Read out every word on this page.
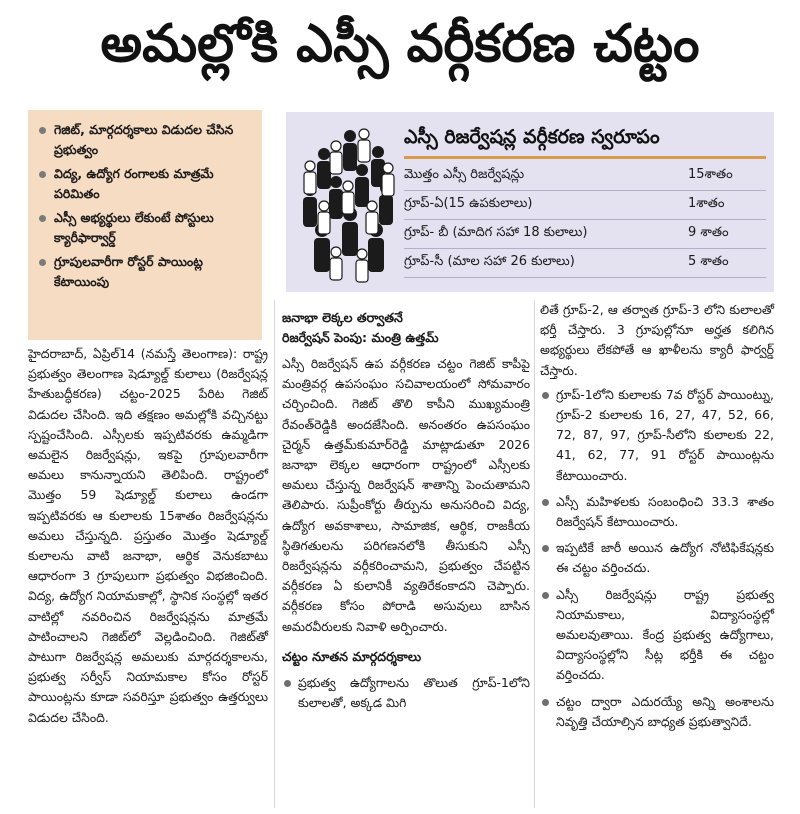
అమల్లోకి ఎస్సీ వర్గీకరణ చట్టం
గెజిట్, మార్గదర్శకాలు విడుదల చేసిన ప్రభుత్వం
విద్య, ఉద్యోగ రంగాలకు మాత్రమే పరిమితం
ఎస్సీ అభ్యర్థులు లేకుంటే పోస్టులు క్యారీఫార్వార్డ్
గ్రూపులవారీగా రోస్టర్ పాయింట్ల కేటాయింపు
ఎస్సీ రిజర్వేషన్ల వర్గీకరణ స్వరూపం
మొత్తం ఎస్సీ రిజర్వేషన్లు	15శాతం
గ్రూప్‌-ఏ(15 ఉపకులాలు)	1శాతం
గ్రూప్‌- బీ (మాదిగ సహా 18 కులాలు)	9 శాతం
గ్రూప్‌-సీ (మాల సహా 26 కులాలు)	5 శాతం

హైదరాబాద్, ఏప్రిల్14 (నమస్తే తెలంగాణ): రాష్ట్ర ప్రభుత్వం తెలంగాణ షెడ్యూల్డ్ కులాలు (రిజర్వేషన్ల హేతుబద్ధీకరణ) చట్టం-2025 పేరిట గెజిట్ విడుదల చేసింది. ఇది తక్షణం అమల్లోకి వచ్చినట్టు స్పష్టంచేసింది. ఎస్సీలకు ఇప్పటివరకు ఉమ్మడిగా అమలైన రిజర్వేషన్లు, ఇకపై గ్రూపులవారీగా అమలు కానున్నాయని తెలిపింది. రాష్ట్రంలో మొత్తం 59 షెడ్యూల్డ్ కులాలు ఉండగా ఇప్పటివరకు ఆ కులాలకు 15శాతం రిజర్వేషన్లను అమలు చేస్తున్నది. ప్రస్తుతం మొత్తం షెడ్యూల్డ్ కులాలను వాటి జనాభా, ఆర్థిక వెనుకబాటు ఆధారంగా 3 గ్రూపులుగా ప్రభుత్వం విభజించింది. విద్య, ఉద్యోగ నియామకాల్లో, స్థానిక సంస్థల్లో ఇతర వాటిల్లో నవరించిన రిజర్వేషన్లను మాత్రమే పాటించాలని గెజిట్‌లో వెల్లడించింది. గెజిట్‌తో పాటుగా రిజర్వేషన్ల అమలుకు మార్గదర్శకాలను, ప్రభుత్వ సర్వీస్ నియామకాల కోసం రోస్టర్ పాయింట్లను కూడా సవరిస్తూ ప్రభుత్వం ఉత్తర్వులు విడుదల చేసింది.

జనాభా లెక్కల తర్వాతనే
రిజర్వేషన్ పెంపు: మంత్రి ఉత్తమ్

ఎస్సీ రిజర్వేషన్ ఉప వర్గీకరణ చట్టం గెజిట్ కాపీపై మంత్రివర్గ ఉపసంఘం సచివాలయంలో సోమవారం చర్చించింది. గెజిట్ తొలి కాపీని ముఖ్యమంత్రి రేవంత్‌రెడ్డికి అందజేసింది. అనంతరం ఉపసంఘం చైర్మన్ ఉత్తమ్‌కుమార్‌రెడ్డి మాట్లాడుతూ 2026 జనాభా లెక్కల ఆధారంగా రాష్ట్రంలో ఎస్సీలకు అమలు చేస్తున్న రిజర్వేషన్ శాతాన్ని పెంచుతామని తెలిపారు. సుప్రీంకోర్టు తీర్పును అనుసరించి విద్య, ఉద్యోగ అవకాశాలు, సామాజిక, ఆర్థిక, రాజకీయ స్థితిగతులను పరిగణనలోకి తీసుకుని ఎస్సీ రిజర్వేషన్లను వర్గీకరించామని, ప్రభుత్వం చేపట్టిన వర్గీకరణ ఏ కులానికీ వ్యతిరేకంకాదని చెప్పారు. వర్గీకరణ కోసం పోరాడి అసువులు బాసిన అమరవీరులకు నివాళి అర్పించారు.

చట్టం నూతన మార్గదర్శకాలు
ప్రభుత్వ ఉద్యోగాలను తొలుత గ్రూప్‌-1లోని కులాలతో, అక్కడ మిగి

లితే గ్రూప్‌-2, ఆ తర్వాత గ్రూప్‌-3 లోని కులాలతో భర్తీ చేస్తారు. 3 గ్రూపుల్లోనూ అర్హత కలిగిన అభ్యర్థులు లేకపోతే ఆ ఖాళీలను క్యారీ ఫార్వర్డ్ చేస్తారు.

గ్రూప్‌-1లోని కులాలకు 7వ రోస్టర్ పాయింట్ను, గ్రూప్‌-2 కులాలకు 16, 27, 47, 52, 66, 72, 87, 97, గ్రూప్‌-సీలోని కులాలకు 22, 41, 62, 77, 91 రోస్టర్ పాయింట్లను కేటాయించారు.
ఎస్సీ మహిళలకు సంబంధించి 33.3 శాతం రిజర్వేషన్ కేటాయించారు.
ఇప్పటికే జారీ అయిన ఉద్యోగ నోటిఫికేషన్లకు ఈ చట్టం వర్తించదు.
ఎస్సీ రిజర్వేషన్లు రాష్ట్ర ప్రభుత్వ నియామకాలు, విద్యాసంస్థల్లో అమలవుతాయి. కేంద్ర ప్రభుత్వ ఉద్యోగాలు, విద్యాసంస్థల్లోని సీట్ల భర్తీకి ఈ చట్టం వర్తించదు.
చట్టం ద్వారా ఎదురయ్యే అన్ని అంశాలను నివృత్తి చేయాల్సిన బాధ్యత ప్రభుత్వానిదే.
